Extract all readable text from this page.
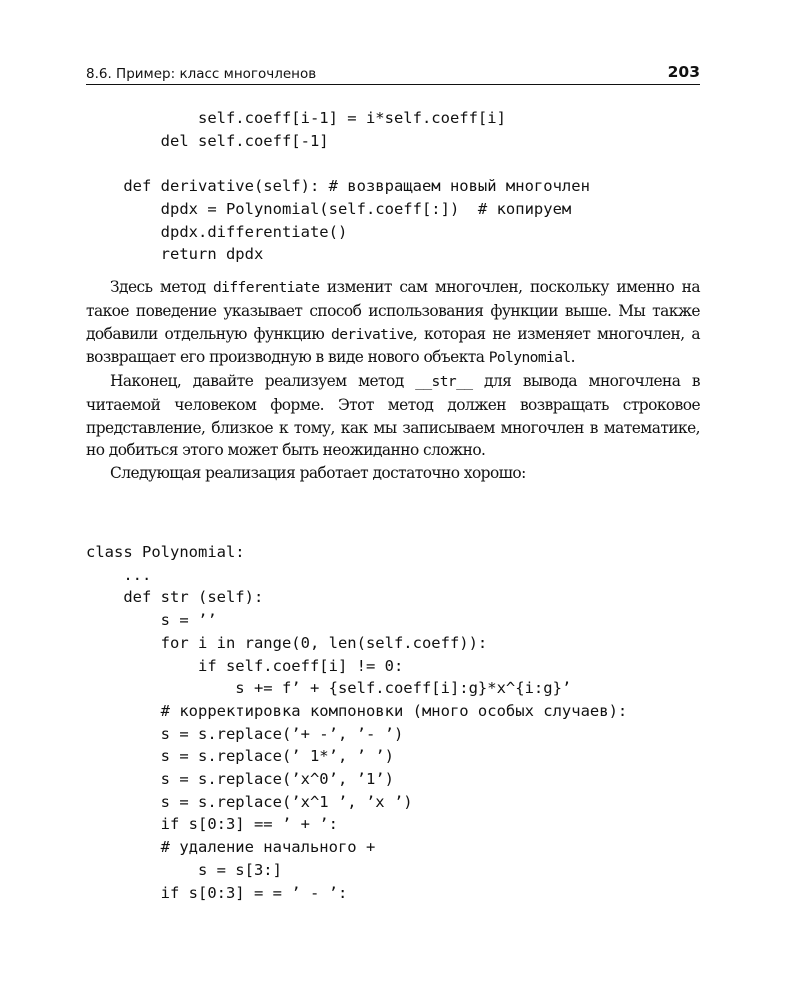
8.6. Пример: класс многочленов	203
self.coeff[i-1] = i*self.coeff[i]
del self.coeff[-1]

def derivative(self): # возвращаем новый многочлен
dpdx = Polynomial(self.coeff[:])  # копируем
dpdx.differentiate()
return dpdx

Здесь метод differentiate изменит сам многочлен, поскольку именно на такое поведение указывает способ использования функции выше. Мы также добавили отдельную функцию derivative, которая не изменяет многочлен, а возвращает его производную в виде нового объекта Polynomial.

Наконец, давайте реализуем метод __str__ для вывода многочлена в читаемой человеком форме. Этот метод должен возвращать строковое представление, близкое к тому, как мы записываем многочлен в математике, но добиться этого может быть неожиданно сложно.

Следующая реализация работает достаточно хорошо:

class Polynomial:
...
def str (self):
s = ’’
for i in range(0, len(self.coeff)):
if self.coeff[i] != 0:
s += f’ + {self.coeff[i]:g}*x^{i:g}’
# корректировка компоновки (много особых случаев):
s = s.replace(’+ -’, ’- ’)
s = s.replace(’ 1*’, ’ ’)
s = s.replace(’x^0’, ’1’)
s = s.replace(’x^1 ’, ’x ’)
if s[0:3] == ’ + ’:
# удаление начального +
s = s[3:]
if s[0:3] = = ’ - ’:
